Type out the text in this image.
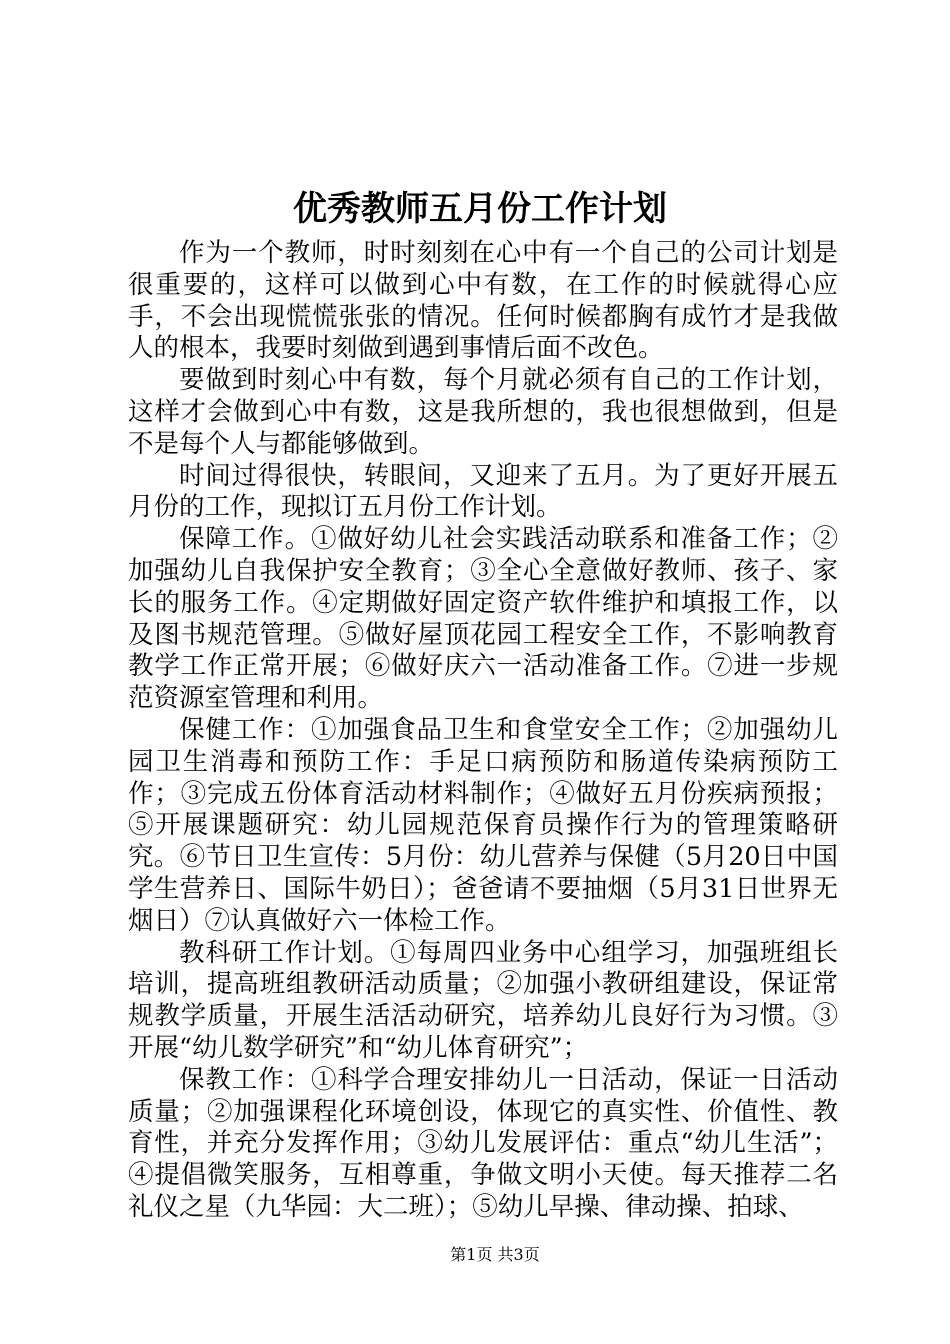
优秀教师五月份工作计划

作为一个教师，时时刻刻在心中有一个自己的公司计划是很重要的，这样可以做到心中有数，在工作的时候就得心应手，不会出现慌慌张张的情况。任何时候都胸有成竹才是我做人的根本，我要时刻做到遇到事情后面不改色。

要做到时刻心中有数，每个月就必须有自己的工作计划，这样才会做到心中有数，这是我所想的，我也很想做到，但是不是每个人与都能够做到。

时间过得很快，转眼间，又迎来了五月。为了更好开展五月份的工作，现拟订五月份工作计划。

保障工作。①做好幼儿社会实践活动联系和准备工作；②加强幼儿自我保护安全教育；③全心全意做好教师、孩子、家长的服务工作。④定期做好固定资产软件维护和填报工作，以及图书规范管理。⑤做好屋顶花园工程安全工作，不影响教育教学工作正常开展；⑥做好庆六一活动准备工作。⑦进一步规范资源室管理和利用。

保健工作：①加强食品卫生和食堂安全工作；②加强幼儿园卫生消毒和预防工作：手足口病预防和肠道传染病预防工作；③完成五份体育活动材料制作；④做好五月份疾病预报；⑤开展课题研究：幼儿园规范保育员操作行为的管理策略研究。⑥节日卫生宣传：5月份：幼儿营养与保健（5月20日中国学生营养日、国际牛奶日）；爸爸请不要抽烟（5月31日世界无烟日）⑦认真做好六一体检工作。

教科研工作计划。①每周四业务中心组学习，加强班组长培训，提高班组教研活动质量；②加强小教研组建设，保证常规教学质量，开展生活活动研究，培养幼儿良好行为习惯。③开展“幼儿数学研究”和“幼儿体育研究”；

保教工作：①科学合理安排幼儿一日活动，保证一日活动质量；②加强课程化环境创设，体现它的真实性、价值性、教育性，并充分发挥作用；③幼儿发展评估：重点“幼儿生活”；④提倡微笑服务，互相尊重，争做文明小天使。每天推荐二名礼仪之星（九华园：大二班）；⑤幼儿早操、律动操、拍球、

第1页 共3页
